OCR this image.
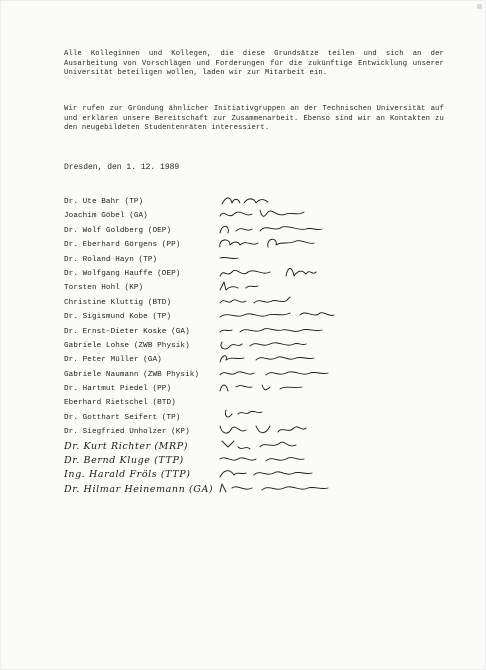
Alle Kolleginnen und Kollegen, die diese Grundsätze teilen und sich an der Ausarbeitung von Vorschlägen und Forderungen für die zukünftige Entwicklung unserer Universität beteiligen wollen, laden wir zur Mitarbeit ein.

Wir rufen zur Gründung ähnlicher Initiativgruppen an der Technischen Universität auf und erklären unsere Bereitschaft zur Zusammenarbeit. Ebenso sind wir an Kontakten zu den neugebildeten Studentenräten interessiert.

Dresden, den 1. 12. 1989
Dr. Ute Bahr (TP)
Joachim Göbel (GA)
Dr. Wolf Goldberg (OEP)
Dr. Eberhard Görgens (PP)
Dr. Roland Hayn (TP)
Dr. Wolfgang Hauffe (OEP)
Torsten Hohl (KP)
Christine Kluttig (BTD)
Dr. Sigismund Kobe (TP)
Dr. Ernst-Dieter Koske (GA)
Gabriele Lohse (ZWB Physik)
Dr. Peter Müller (GA)
Gabriele Naumann (ZWB Physik)
Dr. Hartmut Piedel (PP)
Eberhard Rietschel (BTD)
Dr. Gotthart Seifert (TP)
Dr. Siegfried Unholzer (KP)
Dr. Kurt Richter (MRP)
Dr. Bernd Kluge (TTP)
Ing. Harald Fröls (TTP)
Dr. Hilmar Heinemann (GA)
